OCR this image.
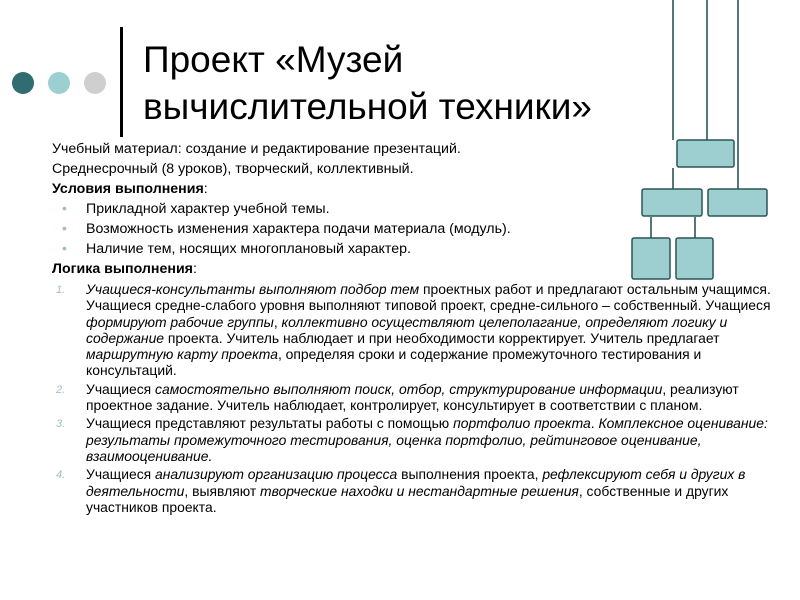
Проект «Музей
вычислительной техники»
Учебный материал: создание и редактирование презентаций.
Среднесрочный (8 уроков), творческий, коллективный.
Условия выполнения:
• Прикладной характер учебной темы.
• Возможность изменения характера подачи материала (модуль).
• Наличие тем, носящих многоплановый характер.
Логика выполнения:
1. Учащиеся-консультанты выполняют подбор тем проектных работ и предлагают остальным учащимся. Учащиеся средне-слабого уровня выполняют типовой проект, средне-сильного – собственный. Учащиеся формируют рабочие группы, коллективно осуществляют целеполагание, определяют логику и содержание проекта. Учитель наблюдает и при необходимости корректирует. Учитель предлагает маршрутную карту проекта, определяя сроки и содержание промежуточного тестирования и консультаций.
2. Учащиеся самостоятельно выполняют поиск, отбор, структурирование информации, реализуют проектное задание. Учитель наблюдает, контролирует, консультирует в соответствии с планом.
3. Учащиеся представляют результаты работы с помощью портфолио проекта. Комплексное оценивание: результаты промежуточного тестирования, оценка портфолио, рейтинговое оценивание, взаимооценивание.
4. Учащиеся анализируют организацию процесса выполнения проекта, рефлексируют себя и других в деятельности, выявляют творческие находки и нестандартные решения, собственные и других участников проекта.
